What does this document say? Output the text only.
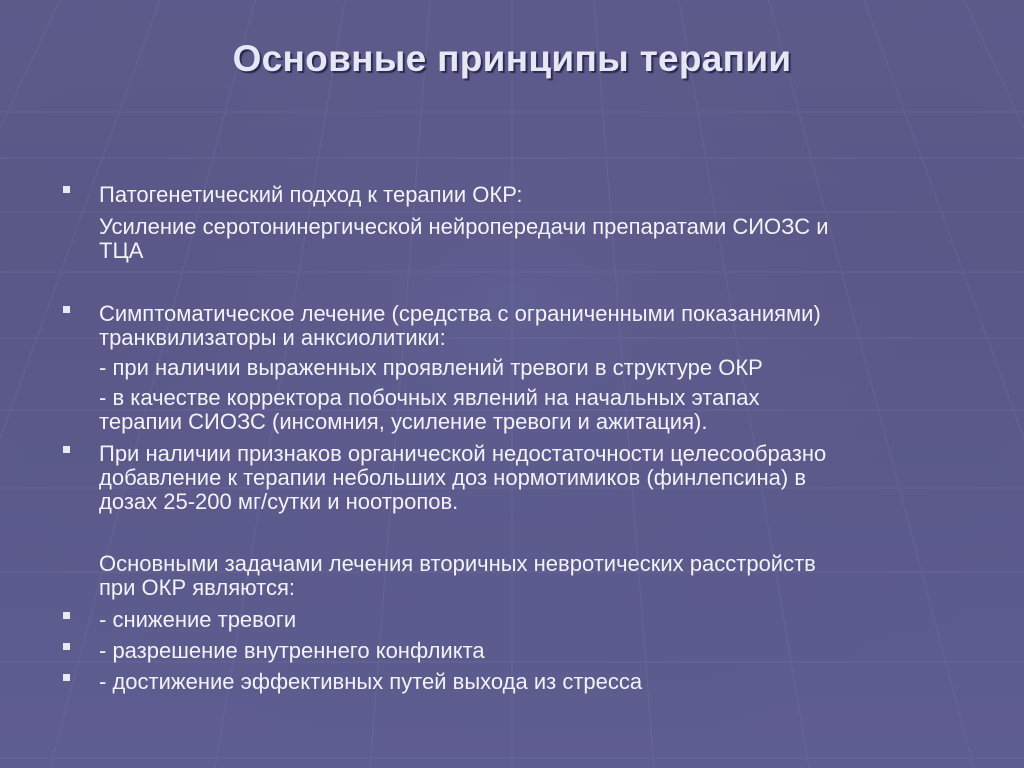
Основные принципы терапии
Патогенетический подход к терапии ОКР:
Усиление серотонинергической нейропередачи препаратами СИОЗС и
ТЦА
Симптоматическое лечение (средства с ограниченными показаниями)
транквилизаторы и анксиолитики:
- при наличии выраженных проявлений тревоги в структуре ОКР
- в качестве корректора побочных явлений на начальных этапах
терапии СИОЗС (инсомния, усиление тревоги и ажитация).
При наличии признаков органической недостаточности целесообразно
добавление к терапии небольших доз нормотимиков (финлепсина) в
дозах 25-200 мг/сутки и ноотропов.
Основными задачами лечения вторичных невротических расстройств
при ОКР являются:
- снижение тревоги
- разрешение внутреннего конфликта
- достижение эффективных путей выхода из стресса
